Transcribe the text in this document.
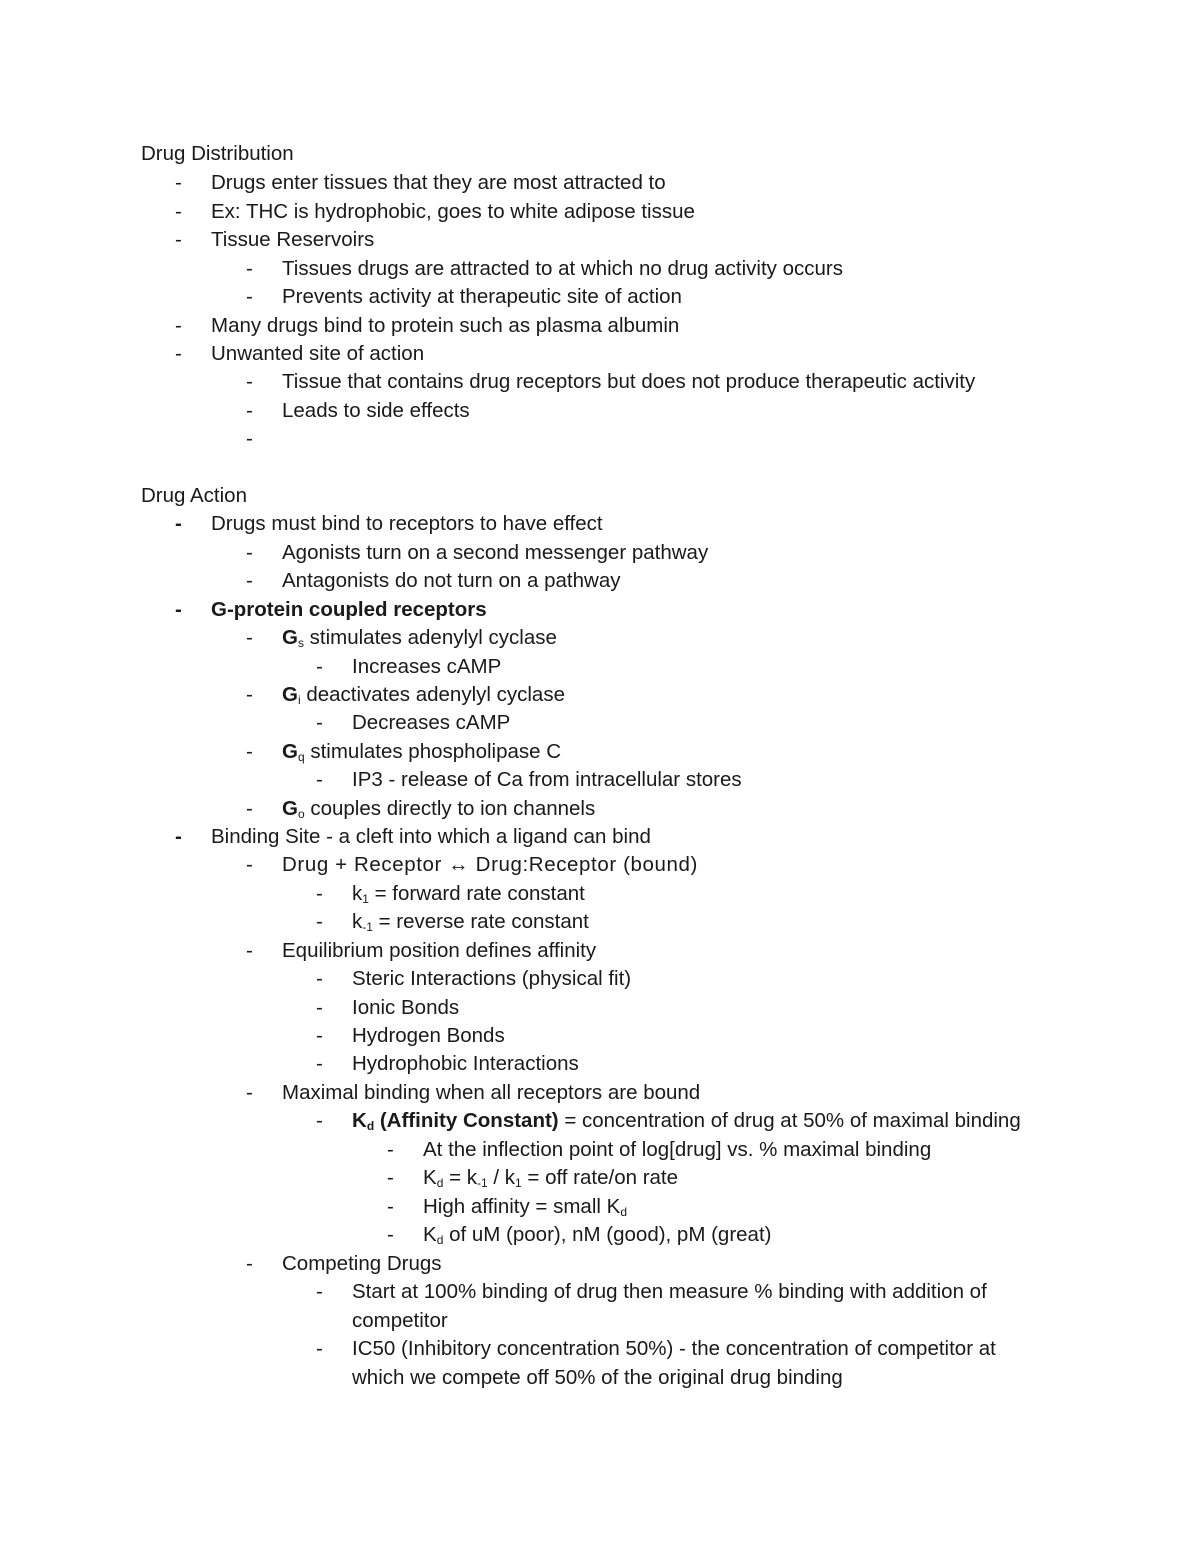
Drug Distribution
-	Drugs enter tissues that they are most attracted to
-	Ex: THC is hydrophobic, goes to white adipose tissue
-	Tissue Reservoirs
-	Tissues drugs are attracted to at which no drug activity occurs
-	Prevents activity at therapeutic site of action
-	Many drugs bind to protein such as plasma albumin
-	Unwanted site of action
-	Tissue that contains drug receptors but does not produce therapeutic activity
-	Leads to side effects
-
Drug Action
-	Drugs must bind to receptors to have effect
-	Agonists turn on a second messenger pathway
-	Antagonists do not turn on a pathway
-	G-protein coupled receptors
-	$G_s$ stimulates adenylyl cyclase
-	Increases cAMP
-	$G_i$ deactivates adenylyl cyclase
-	Decreases cAMP
-	$G_q$ stimulates phospholipase C
-	IP3 - release of Ca from intracellular stores
-	$G_o$ couples directly to ion channels
-	Binding Site - a cleft into which a ligand can bind
-	Drug + Receptor ↔ Drug:Receptor (bound)
-	$k_1$ = forward rate constant
-	$k_{-1}$ = reverse rate constant
-	Equilibrium position defines affinity
-	Steric Interactions (physical fit)
-	Ionic Bonds
-	Hydrogen Bonds
-	Hydrophobic Interactions
-	Maximal binding when all receptors are bound
-	$K_d$ (Affinity Constant) = concentration of drug at 50% of maximal binding
-	At the inflection point of log[drug] vs. % maximal binding
-	$K_d = k_{-1} / k_1$ = off rate/on rate
-	High affinity = small $K_d$
-	$K_d$ of uM (poor), nM (good), pM (great)
-	Competing Drugs
-	Start at 100% binding of drug then measure % binding with addition of
competitor
-	IC50 (Inhibitory concentration 50%) - the concentration of competitor at
which we compete off 50% of the original drug binding
